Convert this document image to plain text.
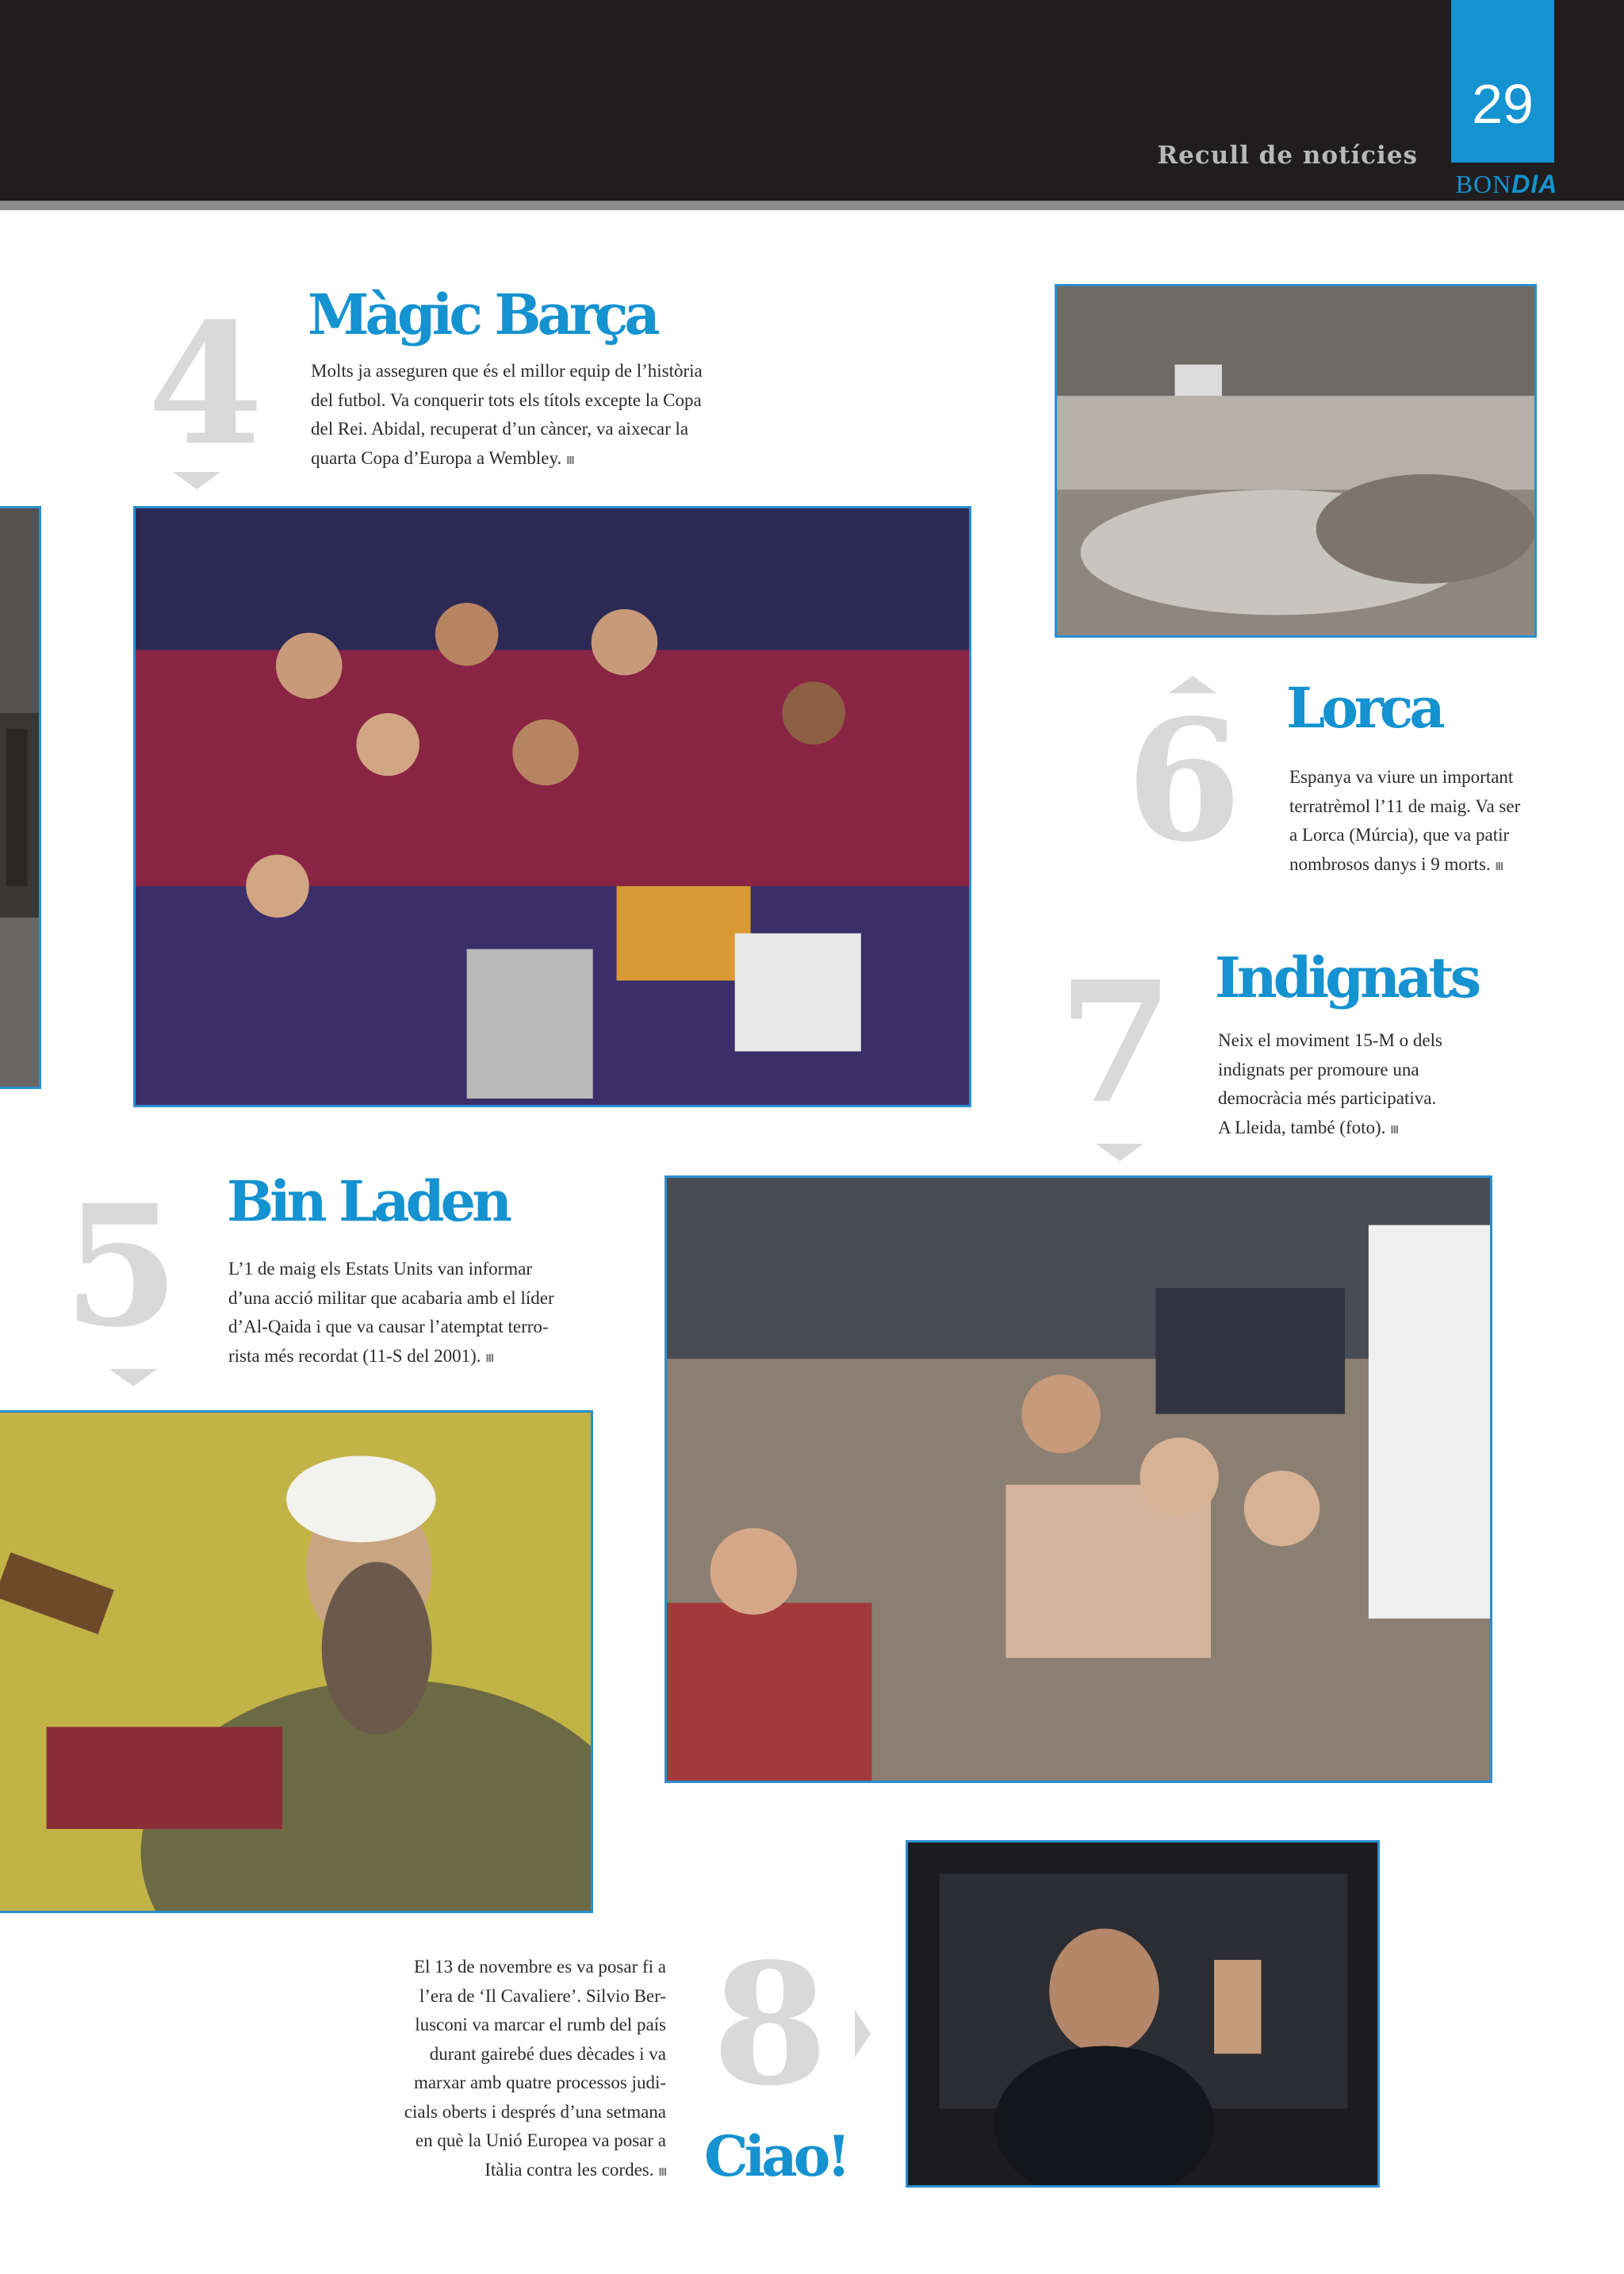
Recull de notícies
29
BONDIA
4 Màgic Barça
Molts ja asseguren que és el millor equip de l’història
del futbol. Va conquerir tots els títols excepte la Copa
del Rei. Abidal, recuperat d’un càncer, va aixecar la
quarta Copa d’Europa a Wembley. III
6 Lorca
Espanya va viure un important
terratrèmol l’11 de maig. Va ser
a Lorca (Múrcia), que va patir
nombrosos danys i 9 morts. III
7 Indignats
Neix el moviment 15-M o dels
indignats per promoure una
democràcia més participativa.
A Lleida, també (foto). III
5 Bin Laden
L’1 de maig els Estats Units van informar
d’una acció militar que acabaria amb el líder
d’Al-Qaida i que va causar l’atemptat terro-
rista més recordat (11-S del 2001). III
El 13 de novembre es va posar fi a
l’era de ‘Il Cavaliere’. Silvio Ber-
lusconi va marcar el rumb del país
durant gairebé dues dècades i va
marxar amb quatre processos judi-
cials oberts i després d’una setmana
en què la Unió Europea va posar a
Itàlia contra les cordes. III
8
Ciao!
